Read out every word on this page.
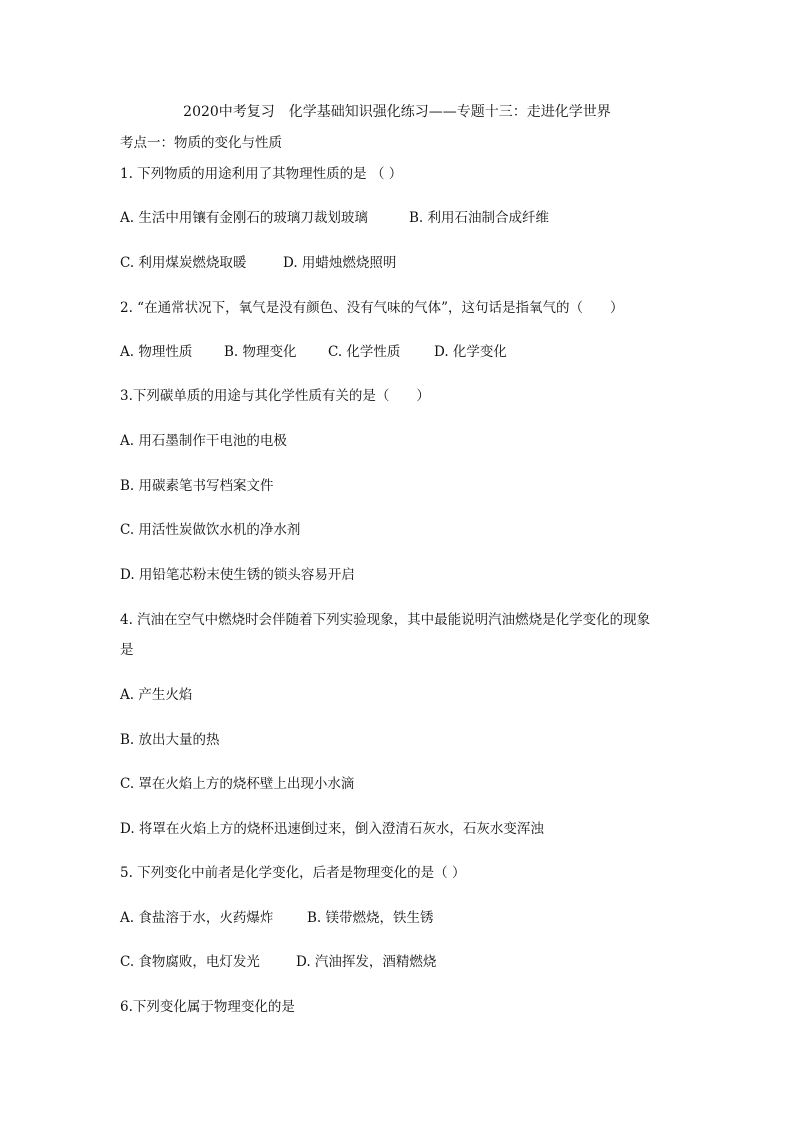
2020中考复习　化学基础知识强化练习——专题十三：走进化学世界
考点一：物质的变化与性质
1. 下列物质的用途利用了其物理性质的是 （ ）
A. 生活中用镶有金刚石的玻璃刀裁划玻璃	B. 利用石油制合成纤维
C. 利用煤炭燃烧取暖	D. 用蜡烛燃烧照明
2. “在通常状况下，氧气是没有颜色、没有气味的气体”，这句话是指氧气的（　　）
A. 物理性质	B. 物理变化	C. 化学性质	D. 化学变化
3.下列碳单质的用途与其化学性质有关的是（　　）
A. 用石墨制作干电池的电极
B. 用碳素笔书写档案文件
C. 用活性炭做饮水机的净水剂
D. 用铅笔芯粉末使生锈的锁头容易开启
4. 汽油在空气中燃烧时会伴随着下列实验现象，其中最能说明汽油燃烧是化学变化的现象
是
A. 产生火焰
B. 放出大量的热
C. 罩在火焰上方的烧杯壁上出现小水滴
D. 将罩在火焰上方的烧杯迅速倒过来，倒入澄清石灰水，石灰水变浑浊
5. 下列变化中前者是化学变化，后者是物理变化的是（ ）
A. 食盐溶于水，火药爆炸	B. 镁带燃烧，铁生锈
C. 食物腐败，电灯发光	D. 汽油挥发，酒精燃烧
6.下列变化属于物理变化的是
